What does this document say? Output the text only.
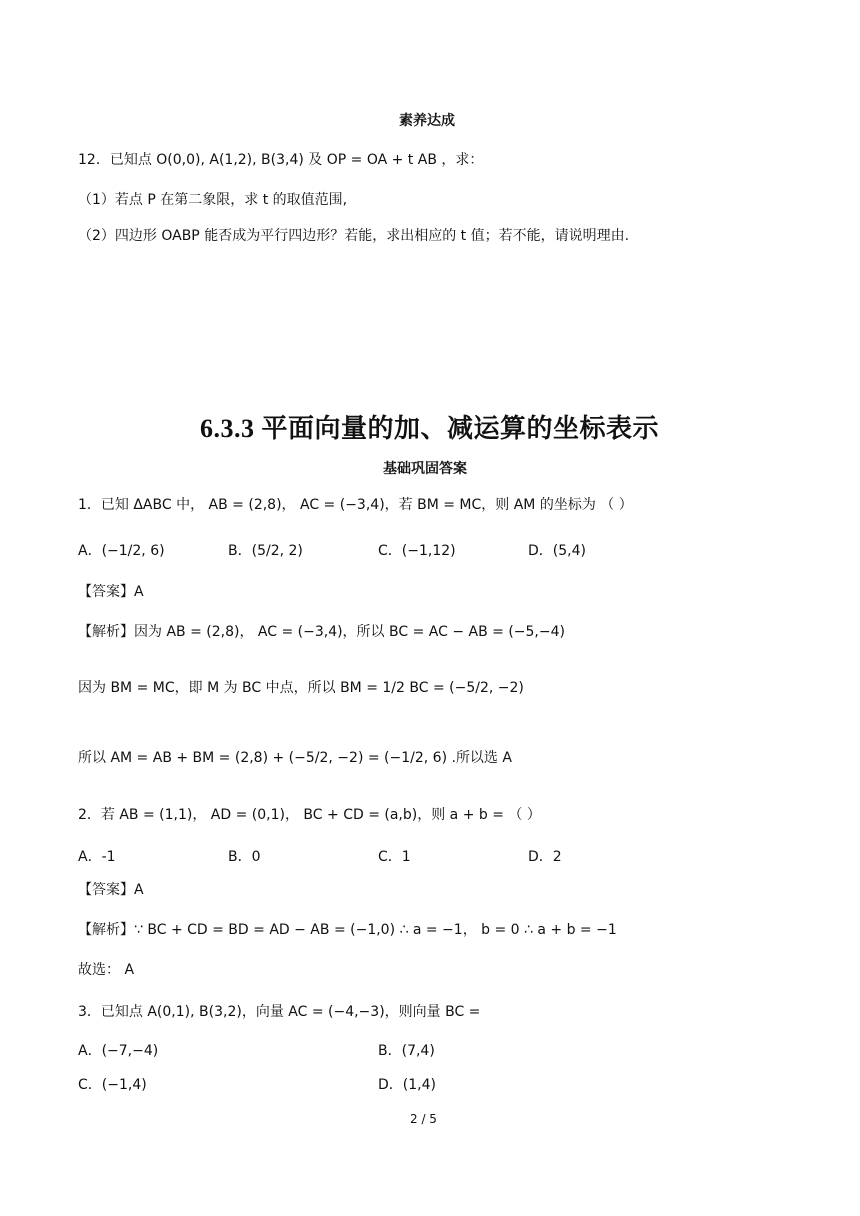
素养达成
12．已知点 O(0,0), A(1,2), B(3,4) 及 OP = OA + t AB ，求：
（1）若点 P 在第二象限，求 t 的取值范围,
（2）四边形 OABP 能否成为平行四边形？若能，求出相应的 t 值；若不能，请说明理由.
6.3.3 平面向量的加、减运算的坐标表示
基础巩固答案
1．已知 ΔABC 中， AB = (2,8)， AC = (−3,4)，若 BM = MC，则 AM 的坐标为 （ ）
A．(−1/2, 6)	B．(5/2, 2)	C．(−1,12)	D．(5,4)
【答案】A
【解析】因为 AB = (2,8)， AC = (−3,4)，所以 BC = AC − AB = (−5,−4)
因为 BM = MC，即 M 为 BC 中点，所以 BM = 1/2 BC = (−5/2, −2)
所以 AM = AB + BM = (2,8) + (−5/2, −2) = (−1/2, 6) .所以选 A
2．若 AB = (1,1)， AD = (0,1)， BC + CD = (a,b)，则 a + b = （ ）
A．-1	B．0	C．1	D．2
【答案】A
【解析】∵ BC + CD = BD = AD − AB = (−1,0) ∴ a = −1， b = 0 ∴ a + b = −1
故选： A
3．已知点 A(0,1), B(3,2)，向量 AC = (−4,−3)，则向量 BC =
A．(−7,−4)	B．(7,4)
C．(−1,4)	D．(1,4)
2 / 5
